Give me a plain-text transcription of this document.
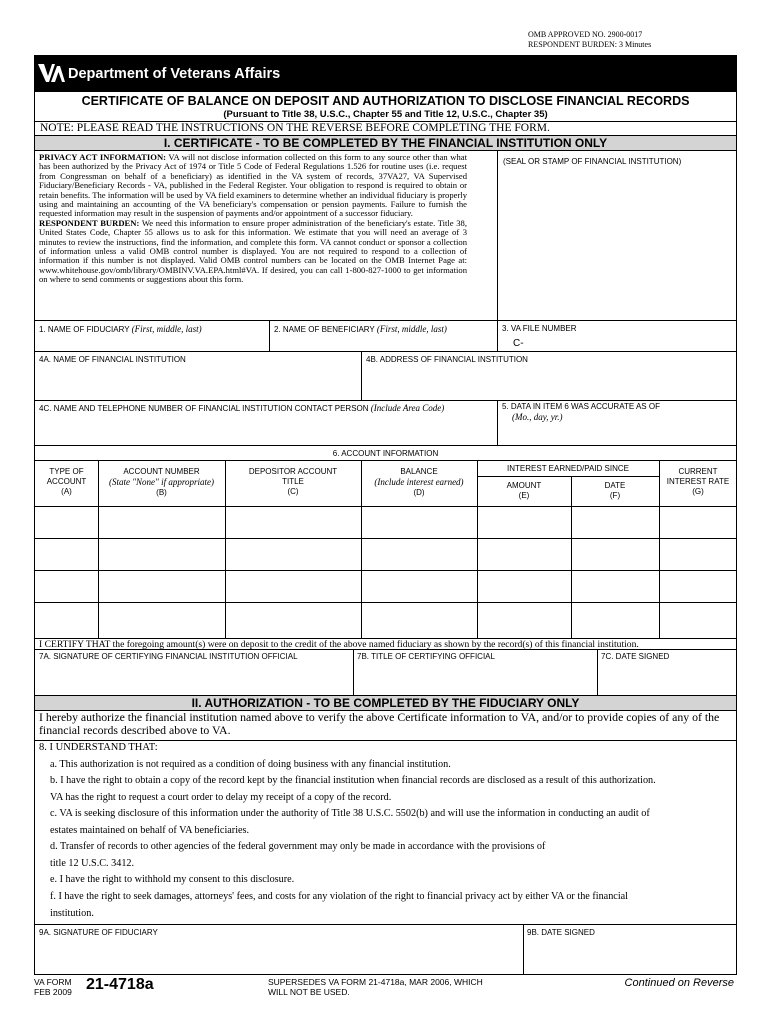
OMB APPROVED NO. 2900-0017
RESPONDENT BURDEN: 3 Minutes
Department of Veterans Affairs
CERTIFICATE OF BALANCE ON DEPOSIT AND AUTHORIZATION TO DISCLOSE FINANCIAL RECORDS
(Pursuant to Title 38, U.S.C., Chapter 55 and Title 12, U.S.C., Chapter 35)
NOTE: PLEASE READ THE INSTRUCTIONS ON THE REVERSE BEFORE COMPLETING THE FORM.
I. CERTIFICATE - TO BE COMPLETED BY THE FINANCIAL INSTITUTION ONLY
PRIVACY ACT INFORMATION: VA will not disclose information collected on this form to any source other than what has been authorized by the Privacy Act of 1974 or Title 5 Code of Federal Regulations 1.526 for routine uses (i.e. request from Congressman on behalf of a beneficiary) as identified in the VA system of records, 37VA27, VA Supervised Fiduciary/Beneficiary Records - VA, published in the Federal Register. Your obligation to respond is required to obtain or retain benefits. The information will be used by VA field examiners to determine whether an individual fiduciary is properly using and maintaining an accounting of the VA beneficiary's compensation or pension payments. Failure to furnish the requested information may result in the suspension of payments and/or appointment of a successor fiduciary.
RESPONDENT BURDEN: We need this information to ensure proper administration of the beneficiary's estate. Title 38, United States Code, Chapter 55 allows us to ask for this information. We estimate that you will need an average of 3 minutes to review the instructions, find the information, and complete this form. VA cannot conduct or sponsor a collection of information unless a valid OMB control number is displayed. You are not required to respond to a collection of information if this number is not displayed. Valid OMB control numbers can be located on the OMB Internet Page at: www.whitehouse.gov/omb/library/OMBINV.VA.EPA.html#VA. If desired, you can call 1-800-827-1000 to get information on where to send comments or suggestions about this form.
(SEAL OR STAMP OF FINANCIAL INSTITUTION)
1. NAME OF FIDUCIARY (First, middle, last)	2. NAME OF BENEFICIARY (First, middle, last)	3. VA FILE NUMBER
C-
4A. NAME OF FINANCIAL INSTITUTION	4B. ADDRESS OF FINANCIAL INSTITUTION
4C. NAME AND TELEPHONE NUMBER OF FINANCIAL INSTITUTION CONTACT PERSON (Include Area Code)	5. DATA IN ITEM 6 WAS ACCURATE AS OF
(Mo., day, yr.)
6. ACCOUNT INFORMATION
TYPE OF
ACCOUNT
(A)
ACCOUNT NUMBER
(State "None" if appropriate)
(B)
DEPOSITOR ACCOUNT
TITLE
(C)
BALANCE
(Include interest earned)
(D)
INTEREST EARNED/PAID SINCE
AMOUNT
(E)
DATE
(F)
CURRENT
INTEREST RATE
(G)
I CERTIFY THAT the foregoing amount(s) were on deposit to the credit of the above named fiduciary as shown by the record(s) of this financial institution.
7A. SIGNATURE OF CERTIFYING FINANCIAL INSTITUTION OFFICIAL	7B. TITLE OF CERTIFYING OFFICIAL	7C. DATE SIGNED
II. AUTHORIZATION - TO BE COMPLETED BY THE FIDUCIARY ONLY
I hereby authorize the financial institution named above to verify the above Certificate information to VA, and/or to provide copies of any of the financial records described above to VA.
8. I UNDERSTAND THAT:
a. This authorization is not required as a condition of doing business with any financial institution.
b. I have the right to obtain a copy of the record kept by the financial institution when financial records are disclosed as a result of this authorization.
VA has the right to request a court order to delay my receipt of a copy of the record.
c. VA is seeking disclosure of this information under the authority of Title 38 U.S.C. 5502(b) and will use the information in conducting an audit of
estates maintained on behalf of VA beneficiaries.
d. Transfer of records to other agencies of the federal government may only be made in accordance with the provisions of
title 12 U.S.C. 3412.
e. I have the right to withhold my consent to this disclosure.
f. I have the right to seek damages, attorneys' fees, and costs for any violation of the right to financial privacy act by either VA or the financial
institution.
9A. SIGNATURE OF FIDUCIARY	9B. DATE SIGNED
VA FORM
FEB 2009 21-4718a	SUPERSEDES VA FORM 21-4718a, MAR 2006, WHICH WILL NOT BE USED.
Continued on Reverse
